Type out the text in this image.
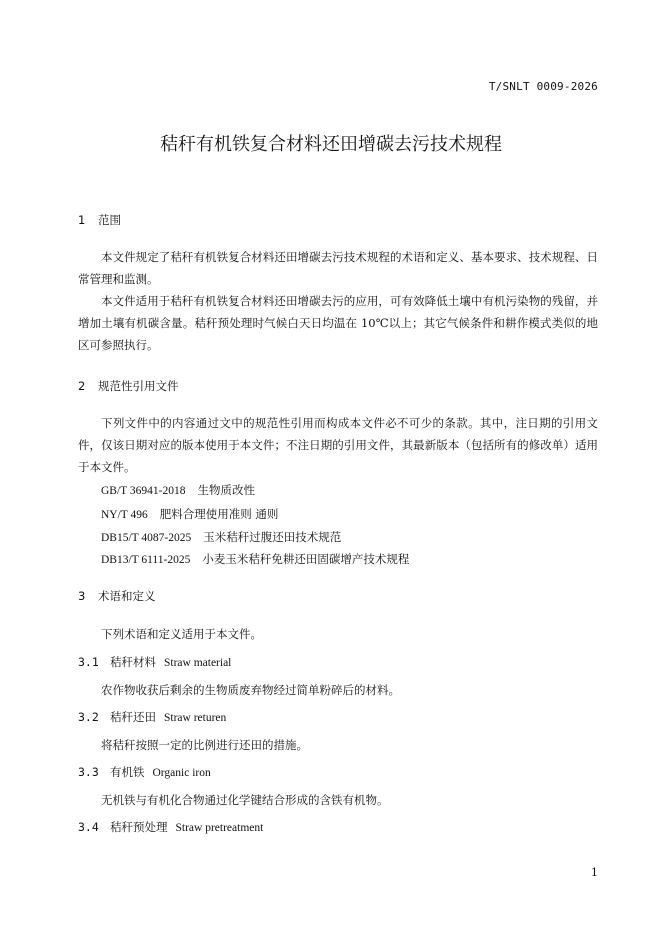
T/SNLT 0009-2026
秸秆有机铁复合材料还田增碳去污技术规程
1 范围
本文件规定了秸秆有机铁复合材料还田增碳去污技术规程的术语和定义、基本要求、技术规程、日常管理和监测。
本文件适用于秸秆有机铁复合材料还田增碳去污的应用，可有效降低土壤中有机污染物的残留，并增加土壤有机碳含量。秸秆预处理时气候白天日均温在 10℃以上；其它气候条件和耕作模式类似的地区可参照执行。
2 规范性引用文件
下列文件中的内容通过文中的规范性引用而构成本文件必不可少的条款。其中，注日期的引用文件，仅该日期对应的版本使用于本文件；不注日期的引用文件，其最新版本（包括所有的修改单）适用于本文件。
GB/T 36941-2018 生物质改性
NY/T 496 肥料合理使用准则 通则
DB15/T 4087-2025 玉米秸秆过腹还田技术规范
DB13/T 6111-2025 小麦玉米秸秆免耕还田固碳增产技术规程
3 术语和定义
下列术语和定义适用于本文件。
3.1 秸秆材料 Straw material
农作物收获后剩余的生物质废弃物经过简单粉碎后的材料。
3.2 秸秆还田 Straw returen
将秸秆按照一定的比例进行还田的措施。
3.3 有机铁 Organic iron
无机铁与有机化合物通过化学键结合形成的含铁有机物。
3.4 秸秆预处理 Straw pretreatment
1
